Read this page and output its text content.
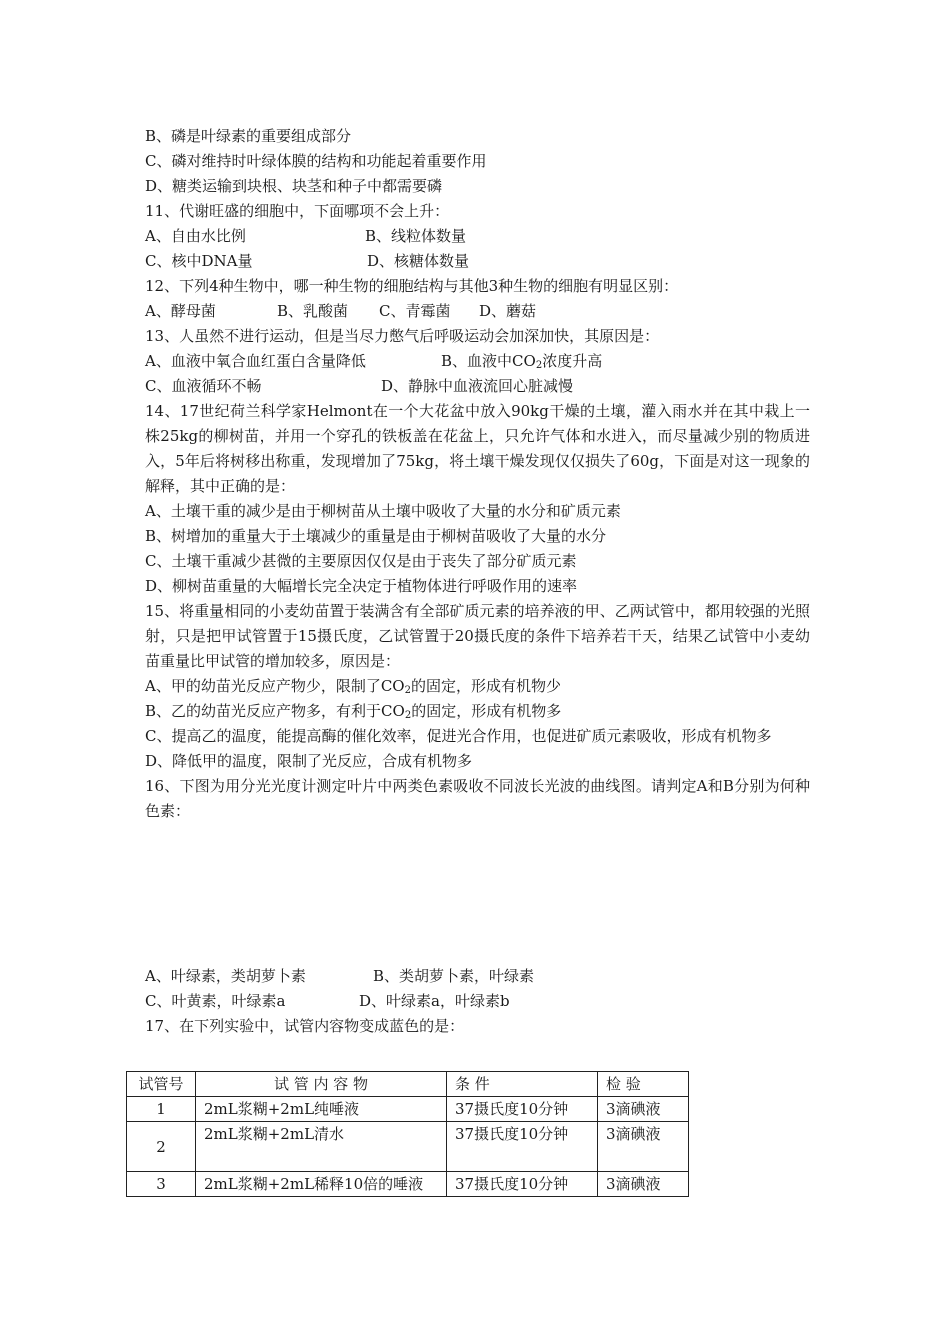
B、磷是叶绿素的重要组成部分
C、磷对维持时叶绿体膜的结构和功能起着重要作用
D、糖类运输到块根、块茎和种子中都需要磷
11、代谢旺盛的细胞中，下面哪项不会上升：
A、自由水比例	B、线粒体数量
C、核中DNA量	D、核糖体数量
12、下列4种生物中，哪一种生物的细胞结构与其他3种生物的细胞有明显区别：
A、酵母菌	B、乳酸菌	C、青霉菌	D、蘑菇
13、人虽然不进行运动，但是当尽力憋气后呼吸运动会加深加快，其原因是：
A、血液中氧合血红蛋白含量降低	B、血液中$CO_2$浓度升高
C、血液循环不畅	D、静脉中血液流回心脏减慢
14、17世纪荷兰科学家Helmont在一个大花盆中放入90kg干燥的土壤，灌入雨水并在其中栽上一株25kg的柳树苗，并用一个穿孔的铁板盖在花盆上，只允许气体和水进入，而尽量减少别的物质进入，5年后将树移出称重，发现增加了75kg，将土壤干燥发现仅仅损失了60g，下面是对这一现象的解释，其中正确的是：
A、土壤干重的减少是由于柳树苗从土壤中吸收了大量的水分和矿质元素
B、树增加的重量大于土壤减少的重量是由于柳树苗吸收了大量的水分
C、土壤干重减少甚微的主要原因仅仅是由于丧失了部分矿质元素
D、柳树苗重量的大幅增长完全决定于植物体进行呼吸作用的速率
15、将重量相同的小麦幼苗置于装满含有全部矿质元素的培养液的甲、乙两试管中，都用较强的光照射，只是把甲试管置于15摄氏度，乙试管置于20摄氏度的条件下培养若干天，结果乙试管中小麦幼苗重量比甲试管的增加较多，原因是：
A、甲的幼苗光反应产物少，限制了$CO_2$的固定，形成有机物少
B、乙的幼苗光反应产物多，有利于$CO_2$的固定，形成有机物多
C、提高乙的温度，能提高酶的催化效率，促进光合作用，也促进矿质元素吸收，形成有机物多
D、降低甲的温度，限制了光反应，合成有机物多
16、下图为用分光光度计测定叶片中两类色素吸收不同波长光波的曲线图。请判定A和B分别为何种色素：
A、叶绿素，类胡萝卜素	B、类胡萝卜素，叶绿素
C、叶黄素，叶绿素a	D、叶绿素a，叶绿素b
17、在下列实验中，试管内容物变成蓝色的是：
试管号	试 管 内 容 物	条 件	检 验
1	2mL浆糊+2mL纯唾液	37摄氏度10分钟	3滴碘液
2	2mL浆糊+2mL清水	37摄氏度10分钟	3滴碘液
3	2mL浆糊+2mL稀释10倍的唾液	37摄氏度10分钟	3滴碘液
